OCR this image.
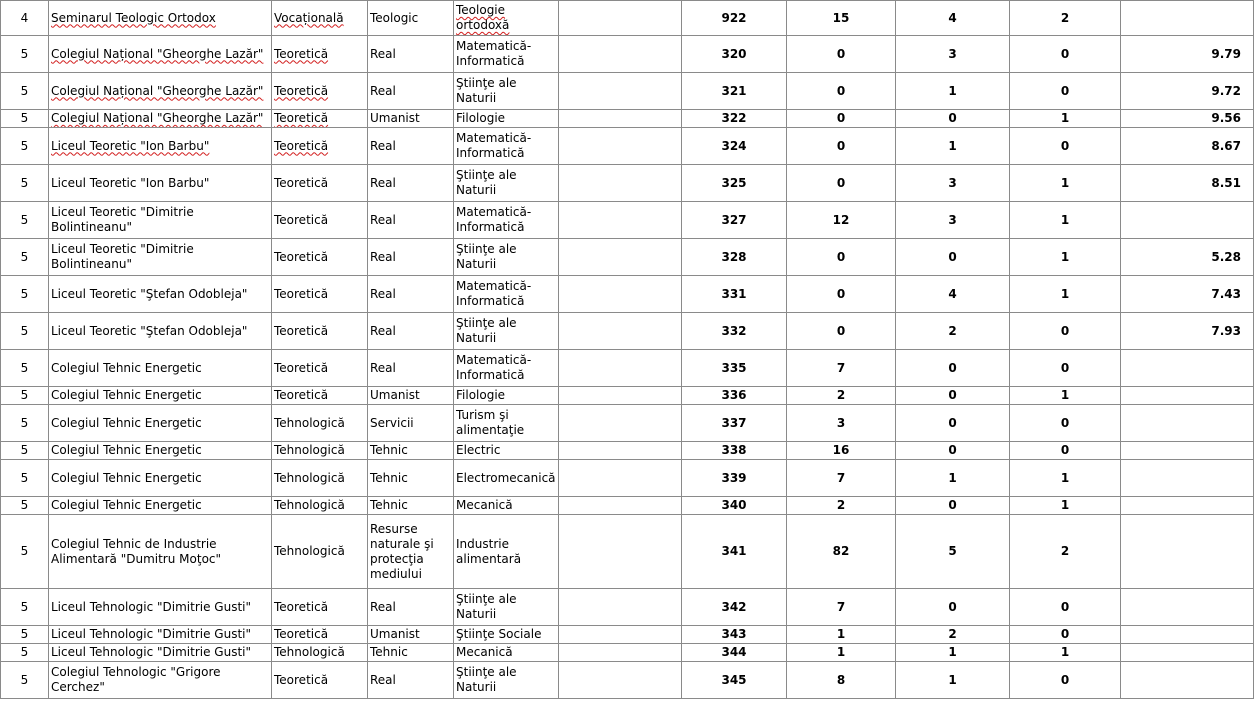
4	Seminarul Teologic Ortodox	Vocațională	Teologic	Teologie ortodoxă		922	15	4	2	
5	Colegiul Național "Gheorghe Lazăr"	Teoretică	Real	Matematică-Informatică		320	0	3	0	9.79
5	Colegiul Național "Gheorghe Lazăr"	Teoretică	Real	Ştiinţe ale Naturii		321	0	1	0	9.72
5	Colegiul Național "Gheorghe Lazăr"	Teoretică	Umanist	Filologie		322	0	0	1	9.56
5	Liceul Teoretic "Ion Barbu"	Teoretică	Real	Matematică-Informatică		324	0	1	0	8.67
5	Liceul Teoretic "Ion Barbu"	Teoretică	Real	Ştiinţe ale Naturii		325	0	3	1	8.51
5	Liceul Teoretic "Dimitrie Bolintineanu"	Teoretică	Real	Matematică-Informatică		327	12	3	1	
5	Liceul Teoretic "Dimitrie Bolintineanu"	Teoretică	Real	Ştiinţe ale Naturii		328	0	0	1	5.28
5	Liceul Teoretic "Ştefan Odobleja"	Teoretică	Real	Matematică-Informatică		331	0	4	1	7.43
5	Liceul Teoretic "Ştefan Odobleja"	Teoretică	Real	Ştiinţe ale Naturii		332	0	2	0	7.93
5	Colegiul Tehnic Energetic	Teoretică	Real	Matematică-Informatică		335	7	0	0	
5	Colegiul Tehnic Energetic	Teoretică	Umanist	Filologie		336	2	0	1	
5	Colegiul Tehnic Energetic	Tehnologică	Servicii	Turism şi alimentaţie		337	3	0	0	
5	Colegiul Tehnic Energetic	Tehnologică	Tehnic	Electric		338	16	0	0	
5	Colegiul Tehnic Energetic	Tehnologică	Tehnic	Electromecanică		339	7	1	1	
5	Colegiul Tehnic Energetic	Tehnologică	Tehnic	Mecanică		340	2	0	1	
5	Colegiul Tehnic de Industrie Alimentară "Dumitru Moţoc"	Tehnologică	Resurse naturale şi protecţia mediului	Industrie alimentară		341	82	5	2	
5	Liceul Tehnologic "Dimitrie Gusti"	Teoretică	Real	Ştiinţe ale Naturii		342	7	0	0	
5	Liceul Tehnologic "Dimitrie Gusti"	Teoretică	Umanist	Ştiinţe Sociale		343	1	2	0	
5	Liceul Tehnologic "Dimitrie Gusti"	Tehnologică	Tehnic	Mecanică		344	1	1	1	
5	Colegiul Tehnologic "Grigore Cerchez"	Teoretică	Real	Ştiinţe ale Naturii		345	8	1	0	
